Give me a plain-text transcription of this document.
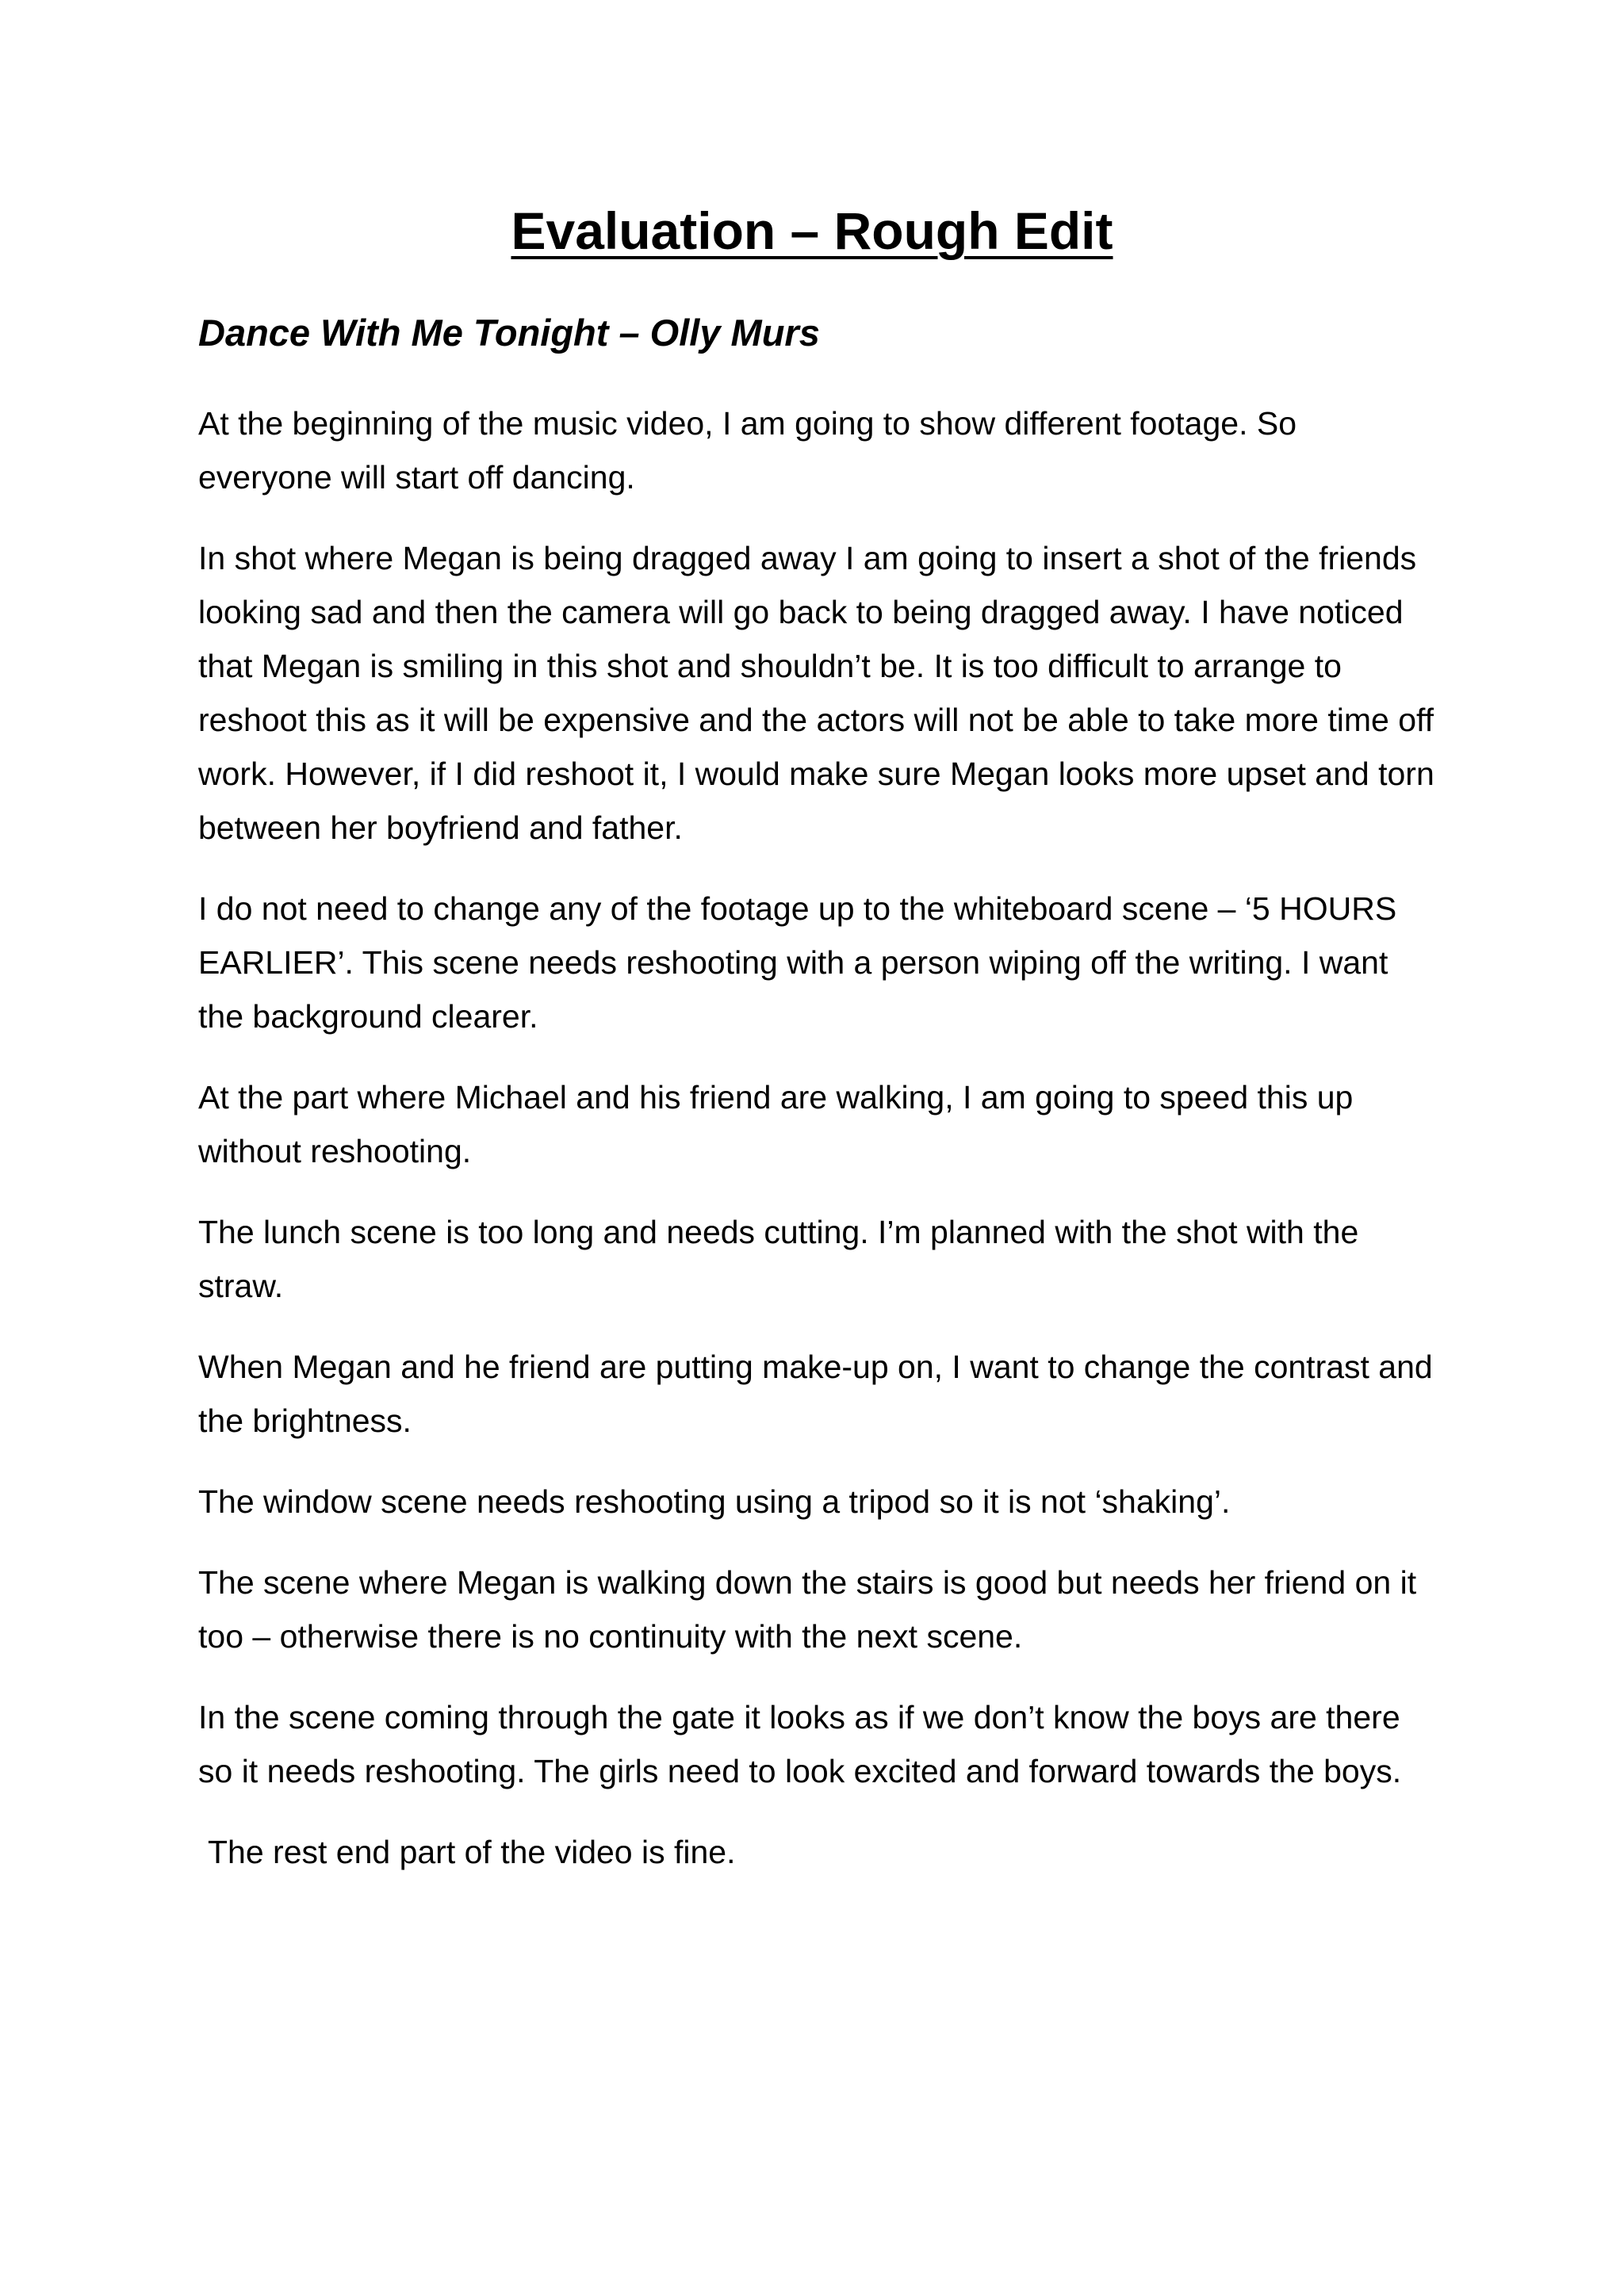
Evaluation – Rough Edit
Dance With Me Tonight – Olly Murs

At the beginning of the music video, I am going to show different footage. So everyone will start off dancing.

In shot where Megan is being dragged away I am going to insert a shot of the friends looking sad and then the camera will go back to being dragged away. I have noticed that Megan is smiling in this shot and shouldn’t be. It is too difficult to arrange to reshoot this as it will be expensive and the actors will not be able to take more time off work. However, if I did reshoot it, I would make sure Megan looks more upset and torn between her boyfriend and father.

I do not need to change any of the footage up to the whiteboard scene – ‘5 HOURS EARLIER’. This scene needs reshooting with a person wiping off the writing. I want the background clearer.

At the part where Michael and his friend are walking, I am going to speed this up without reshooting.

The lunch scene is too long and needs cutting. I’m planned with the shot with the straw.

When Megan and he friend are putting make-up on, I want to change the contrast and the brightness.

The window scene needs reshooting using a tripod so it is not ‘shaking’.

The scene where Megan is walking down the stairs is good but needs her friend on it too – otherwise there is no continuity with the next scene.

In the scene coming through the gate it looks as if we don’t know the boys are there so it needs reshooting. The girls need to look excited and forward towards the boys.

The rest end part of the video is fine.
